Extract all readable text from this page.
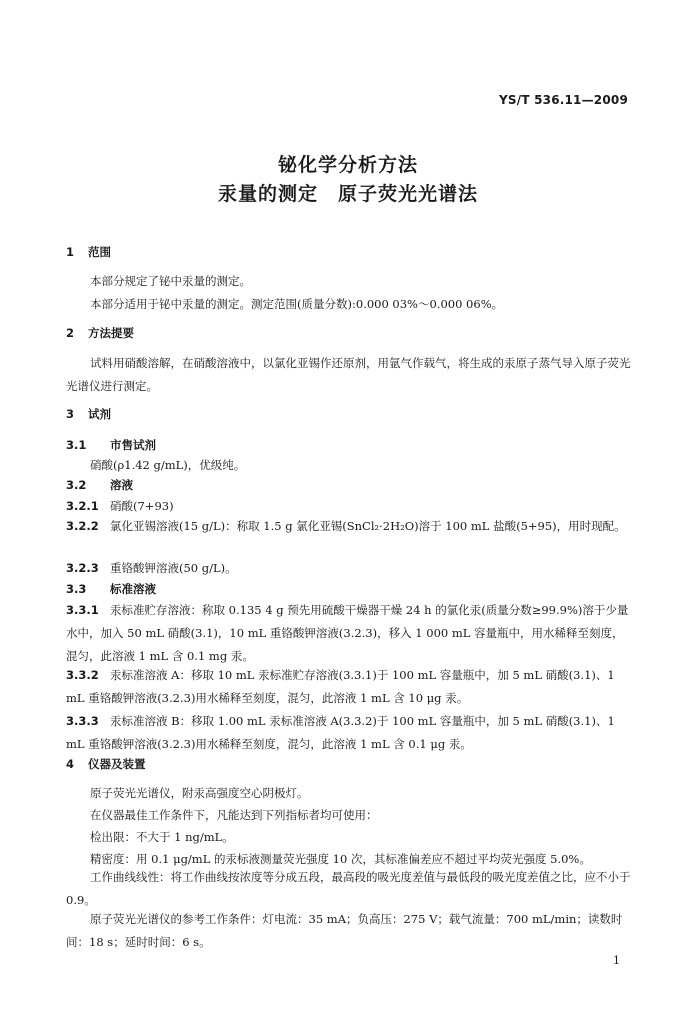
YS/T 536.11—2009
铋化学分析方法
汞量的测定　原子荧光光谱法
1 范围
本部分规定了铋中汞量的测定。
本部分适用于铋中汞量的测定。测定范围(质量分数):0.000 03%～0.000 06%。
2 方法提要
试料用硝酸溶解，在硝酸溶液中，以氯化亚锡作还原剂，用氩气作载气，将生成的汞原子蒸气导入原子荧光光谱仪进行测定。
3 试剂
3.1 市售试剂
硝酸(ρ1.42 g/mL)，优级纯。
3.2 溶液
3.2.1 硝酸(7+93)
3.2.2 氯化亚锡溶液(15 g/L)：称取 1.5 g 氯化亚锡(SnCl₂·2H₂O)溶于 100 mL 盐酸(5+95)，用时现配。
3.2.3 重铬酸钾溶液(50 g/L)。
3.3 标准溶液
3.3.1 汞标准贮存溶液：称取 0.135 4 g 预先用硫酸干燥器干燥 24 h 的氯化汞(质量分数≥99.9%)溶于少量水中，加入 50 mL 硝酸(3.1)，10 mL 重铬酸钾溶液(3.2.3)，移入 1 000 mL 容量瓶中，用水稀释至刻度，混匀，此溶液 1 mL 含 0.1 mg 汞。
3.3.2 汞标准溶液 A：移取 10 mL 汞标准贮存溶液(3.3.1)于 100 mL 容量瓶中，加 5 mL 硝酸(3.1)、1 mL 重铬酸钾溶液(3.2.3)用水稀释至刻度，混匀，此溶液 1 mL 含 10 μg 汞。
3.3.3 汞标准溶液 B：移取 1.00 mL 汞标准溶液 A(3.3.2)于 100 mL 容量瓶中，加 5 mL 硝酸(3.1)、1 mL 重铬酸钾溶液(3.2.3)用水稀释至刻度，混匀，此溶液 1 mL 含 0.1 μg 汞。
4 仪器及装置
原子荧光光谱仪，附汞高强度空心阴极灯。
在仪器最佳工作条件下，凡能达到下列指标者均可使用：
检出限：不大于 1 ng/mL。
精密度：用 0.1 μg/mL 的汞标液测量荧光强度 10 次，其标准偏差应不超过平均荧光强度 5.0%。
工作曲线线性：将工作曲线按浓度等分成五段，最高段的吸光度差值与最低段的吸光度差值之比，应不小于 0.9。
原子荧光光谱仪的参考工作条件：灯电流：35 mA；负高压：275 V；载气流量：700 mL/min；读数时间：18 s；延时时间：6 s。
1
